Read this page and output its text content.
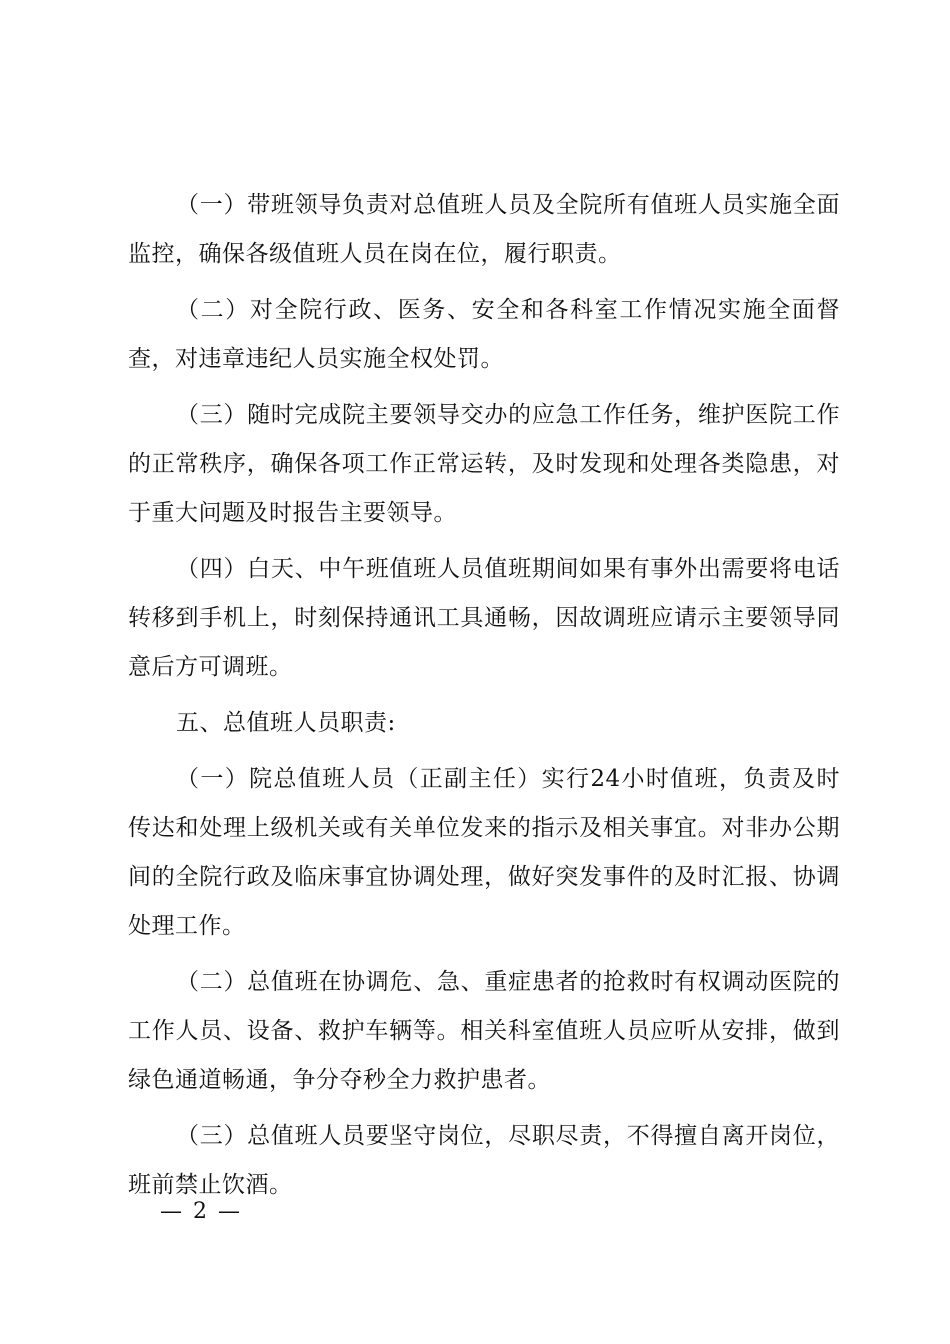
（一）带班领导负责对总值班人员及全院所有值班人员实施全面监控，确保各级值班人员在岗在位，履行职责。

（二）对全院行政、医务、安全和各科室工作情况实施全面督查，对违章违纪人员实施全权处罚。

（三）随时完成院主要领导交办的应急工作任务，维护医院工作的正常秩序，确保各项工作正常运转，及时发现和处理各类隐患，对于重大问题及时报告主要领导。

（四）白天、中午班值班人员值班期间如果有事外出需要将电话转移到手机上，时刻保持通讯工具通畅，因故调班应请示主要领导同意后方可调班。

五、总值班人员职责:

（一）院总值班人员（正副主任）实行24小时值班，负责及时传达和处理上级机关或有关单位发来的指示及相关事宜。对非办公期间的全院行政及临床事宜协调处理，做好突发事件的及时汇报、协调处理工作。

（二）总值班在协调危、急、重症患者的抢救时有权调动医院的工作人员、设备、救护车辆等。相关科室值班人员应听从安排，做到绿色通道畅通，争分夺秒全力救护患者。

（三）总值班人员要坚守岗位，尽职尽责，不得擅自离开岗位，班前禁止饮酒。

— 2 —
